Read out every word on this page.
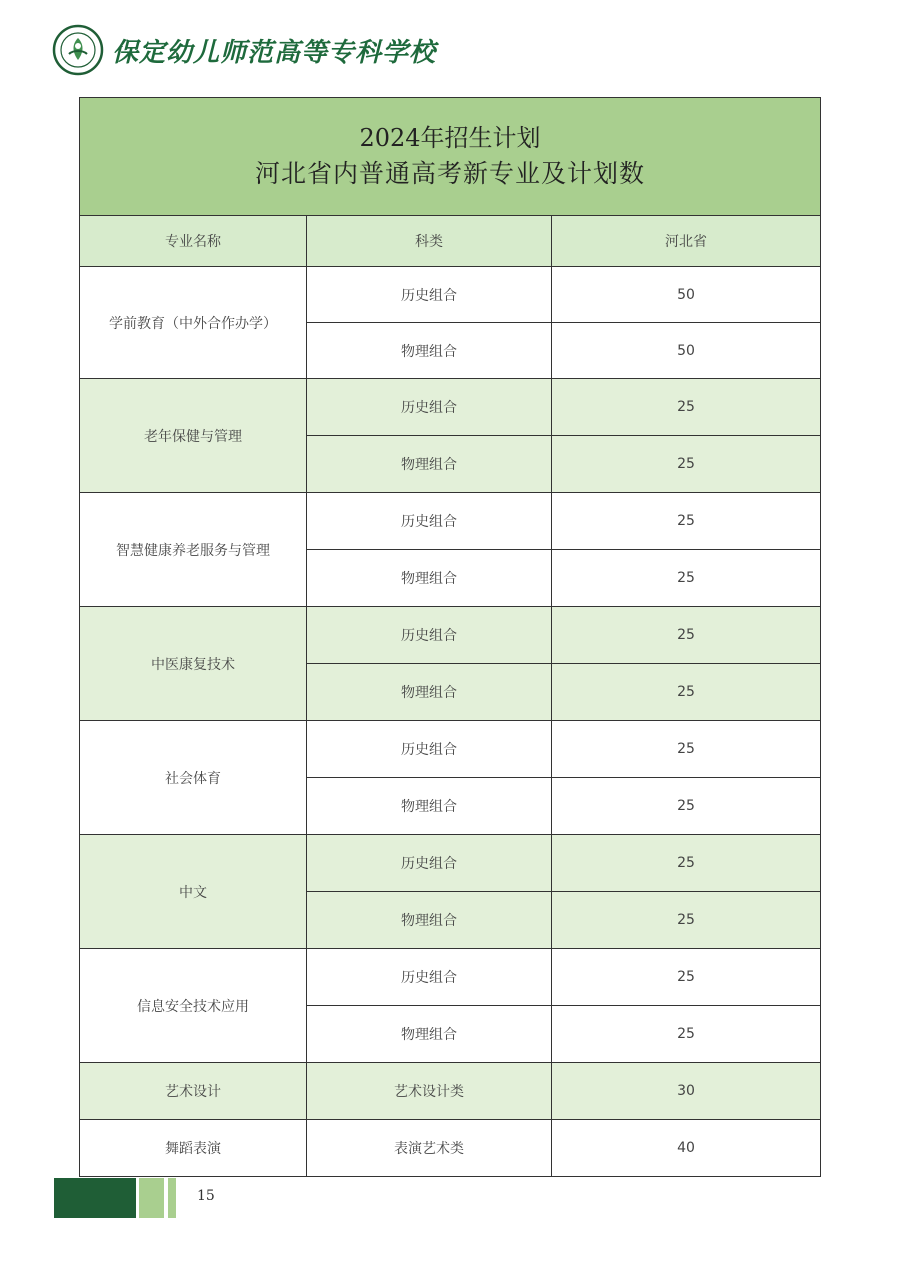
保定幼儿师范高等专科学校
2024年招生计划
河北省内普通高考新专业及计划数		

专业名称	科类	河北省
学前教育（中外合作办学）	历史组合	50
	物理组合	50
老年保健与管理	历史组合	25
	物理组合	25
智慧健康养老服务与管理	历史组合	25
	物理组合	25
中医康复技术	历史组合	25
	物理组合	25
社会体育	历史组合	25
	物理组合	25
中文	历史组合	25
	物理组合	25
信息安全技术应用	历史组合	25
	物理组合	25
艺术设计	艺术设计类	30
舞蹈表演	表演艺术类	40
15
